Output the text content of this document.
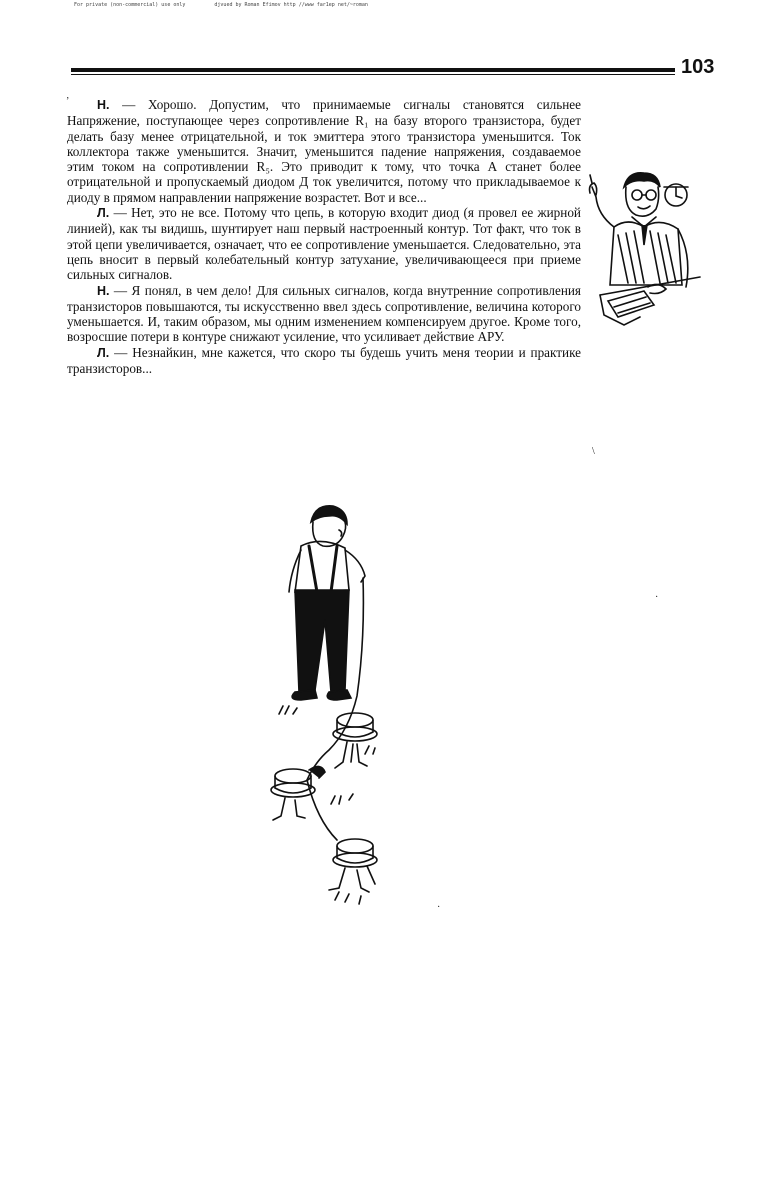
For private (non-commercial) use only	djvued by Roman Efimov http //www far1ep net/~roman
103

Н. — Хорошо. Допустим, что принимаемые сигналы становятся сильнее Напряжение, поступающее через сопротивление R₁ на базу второго транзистора, будет делать базу менее отрицательной, и ток эмиттера этого транзистора уменьшится. Ток коллектора также уменьшится. Значит, уменьшится падение напряжения, создаваемое этим током на сопротивлении R₅. Это приводит к тому, что точка А станет более отрицательной и пропускаемый диодом Д ток увеличится, потому что прикладываемое к диоду в прямом направлении напряжение возрастет. Вот и все...

Л. — Нет, это не все. Потому что цепь, в которую входит диод (я провел ее жирной линией), как ты видишь, шунтирует наш первый настроенный контур. Тот факт, что ток в этой цепи увеличивается, означает, что ее сопротивление уменьшается. Следовательно, эта цепь вносит в первый колебательный контур затухание, увеличивающееся при приеме сильных сигналов.

Н. — Я понял, в чем дело! Для сильных сигналов, когда внутренние сопротивления транзисторов повышаются, ты искусственно ввел здесь сопротивление, величина которого уменьшается. И, таким образом, мы одним изменением компенсируем другое. Кроме того, возросшие потери в контуре снижают усиление, что усиливает действие АРУ.

Л. — Незнайкин, мне кажется, что скоро ты будешь учить меня теории и практике транзисторов...

ʼ
\
·
·
